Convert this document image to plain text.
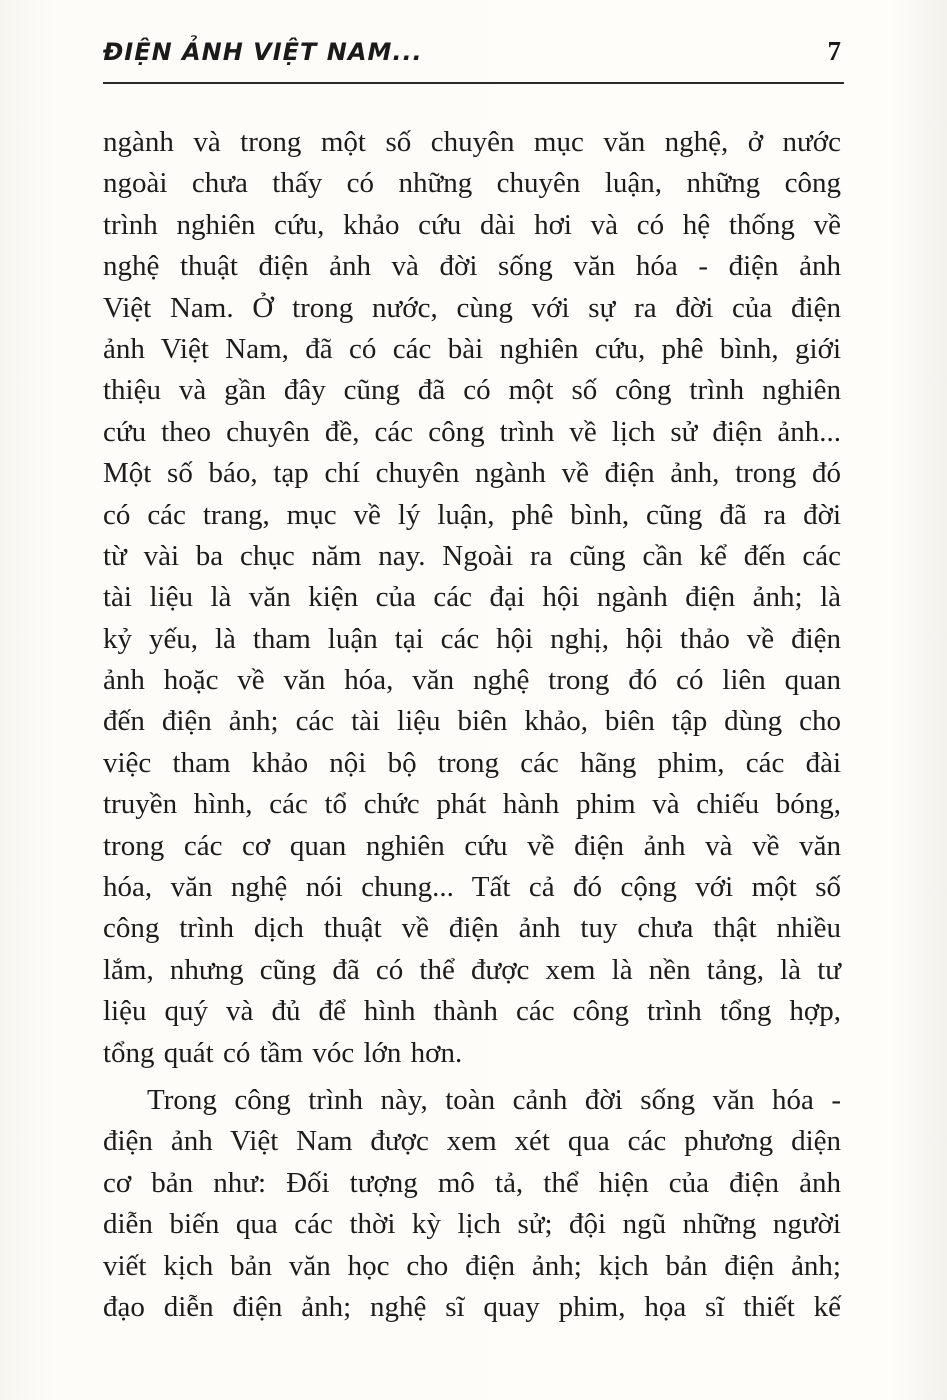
ĐIỆN ẢNH VIỆT NAM...	7
ngành và trong một số chuyên mục văn nghệ, ở nước
ngoài chưa thấy có những chuyên luận, những công
trình nghiên cứu, khảo cứu dài hơi và có hệ thống về
nghệ thuật điện ảnh và đời sống văn hóa - điện ảnh
Việt Nam. Ở trong nước, cùng với sự ra đời của điện
ảnh Việt Nam, đã có các bài nghiên cứu, phê bình, giới
thiệu và gần đây cũng đã có một số công trình nghiên
cứu theo chuyên đề, các công trình về lịch sử điện ảnh...
Một số báo, tạp chí chuyên ngành về điện ảnh, trong đó
có các trang, mục về lý luận, phê bình, cũng đã ra đời
từ vài ba chục năm nay. Ngoài ra cũng cần kể đến các
tài liệu là văn kiện của các đại hội ngành điện ảnh; là
kỷ yếu, là tham luận tại các hội nghị, hội thảo về điện
ảnh hoặc về văn hóa, văn nghệ trong đó có liên quan
đến điện ảnh; các tài liệu biên khảo, biên tập dùng cho
việc tham khảo nội bộ trong các hãng phim, các đài
truyền hình, các tổ chức phát hành phim và chiếu bóng,
trong các cơ quan nghiên cứu về điện ảnh và về văn
hóa, văn nghệ nói chung... Tất cả đó cộng với một số
công trình dịch thuật về điện ảnh tuy chưa thật nhiều
lắm, nhưng cũng đã có thể được xem là nền tảng, là tư
liệu quý và đủ để hình thành các công trình tổng hợp,
tổng quát có tầm vóc lớn hơn.
Trong công trình này, toàn cảnh đời sống văn hóa -
điện ảnh Việt Nam được xem xét qua các phương diện
cơ bản như: Đối tượng mô tả, thể hiện của điện ảnh
diễn biến qua các thời kỳ lịch sử; đội ngũ những người
viết kịch bản văn học cho điện ảnh; kịch bản điện ảnh;
đạo diễn điện ảnh; nghệ sĩ quay phim, họa sĩ thiết kế
